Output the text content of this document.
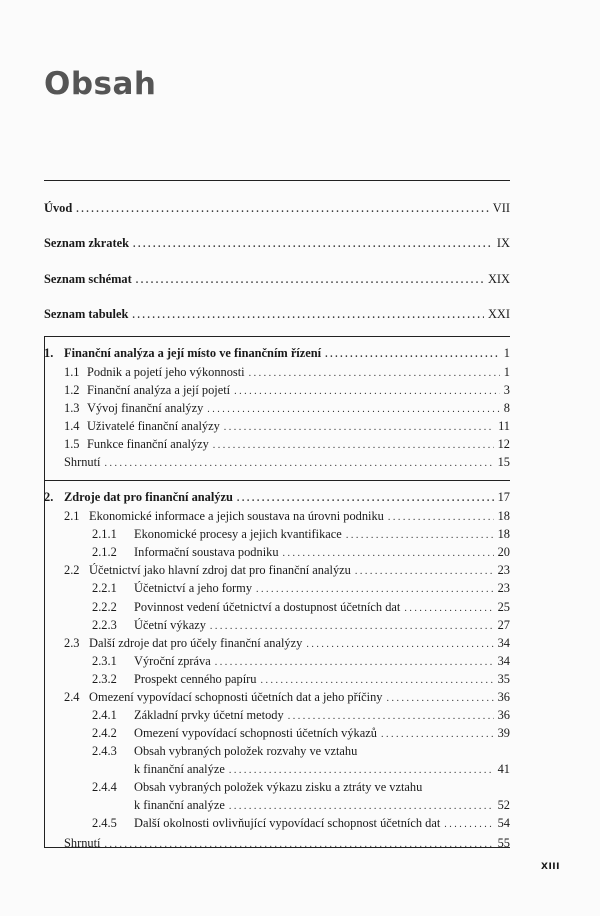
Obsah
Úvod . . .	VII
Seznam zkratek . . .	IX
Seznam schémat . . .	XIX
Seznam tabulek . . .	XXI
1. Finanční analýza a její místo ve finančním řízení . . .	1
1.1 Podnik a pojetí jeho výkonnosti . . .	1
1.2 Finanční analýza a její pojetí . . .	3
1.3 Vývoj finanční analýzy . . .	8
1.4 Uživatelé finanční analýzy . . .	11
1.5 Funkce finanční analýzy . . .	12
Shrnutí . . .	15
2. Zdroje dat pro finanční analýzu . . .	17
2.1 Ekonomické informace a jejich soustava na úrovni podniku . . .	18
2.1.1 Ekonomické procesy a jejich kvantifikace . . .	18
2.1.2 Informační soustava podniku . . .	20
2.2 Účetnictví jako hlavní zdroj dat pro finanční analýzu . . .	23
2.2.1 Účetnictví a jeho formy . . .	23
2.2.2 Povinnost vedení účetnictví a dostupnost účetních dat . . .	25
2.2.3 Účetní výkazy . . .	27
2.3 Další zdroje dat pro účely finanční analýzy . . .	34
2.3.1 Výroční zpráva . . .	34
2.3.2 Prospekt cenného papíru . . .	35
2.4 Omezení vypovídací schopnosti účetních dat a jeho příčiny . . .	36
2.4.1 Základní prvky účetní metody . . .	36
2.4.2 Omezení vypovídací schopnosti účetních výkazů . . .	39
2.4.3 Obsah vybraných položek rozvahy ve vztahu
k finanční analýze . . .	41
2.4.4 Obsah vybraných položek výkazu zisku a ztráty ve vztahu
k finanční analýze . . .	52
2.4.5 Další okolnosti ovlivňující vypovídací schopnost účetních dat . . .	54
Shrnutí . . .	55
XIII
